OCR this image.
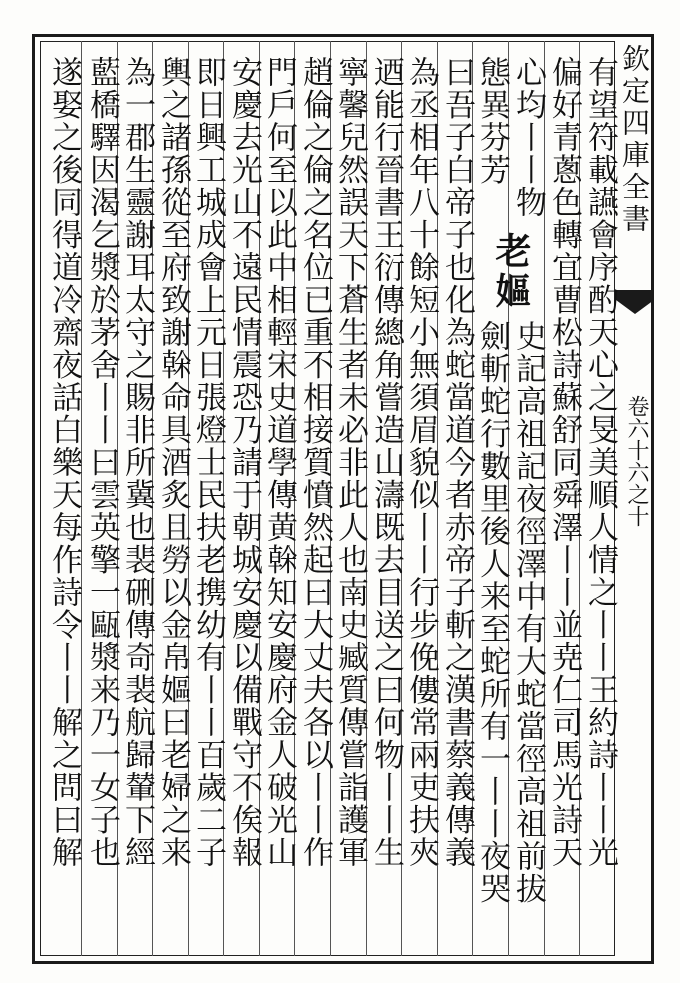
欽定四庫全書
卷六十六之十
有望符載讌會序酌天心之旻美順人情之丨丨王約詩丨丨光
偏好青蔥色轉宜曹松詩蘇舒同舜澤丨丨並尭仁司馬光詩天
心均丨丨物
態異芬芳
老嫗
史記高祖記夜徑澤中有大蛇當徑高祖前拔
劍斬蛇行數里後人来至蛇所有一丨丨夜哭
曰吾子白帝子也化為蛇當道今者赤帝子斬之漢書蔡義傳義
為丞相年八十餘短小無須眉貌似丨丨行步俛僂常兩吏扶夾
迺能行晉書王衍傳總角嘗造山濤既去目送之曰何物丨丨生
寧馨兒然誤天下蒼生者未必非此人也南史臧質傳嘗詣護軍
趙倫之倫之名位已重不相接質憤然起曰大丈夫各以丨丨作
門戶何至以此中相輕宋史道學傳黄榦知安慶府金人破光山
安慶去光山不遠民情震恐乃請于朝城安慶以備戰守不俟報
即日興工城成會上元日張燈士民扶老携幼有丨丨百歲二子
輿之諸孫從至府致謝榦命具酒炙且勞以金帛嫗曰老婦之来
為一郡生靈謝耳太守之賜非所冀也裴硎傳奇裴航歸輦下經
藍橋驛因渴乞漿於茅舍丨丨曰雲英擎一甌漿来乃一女子也
遂娶之後同得道冷齋夜話白樂天每作詩令丨丨解之問曰解
